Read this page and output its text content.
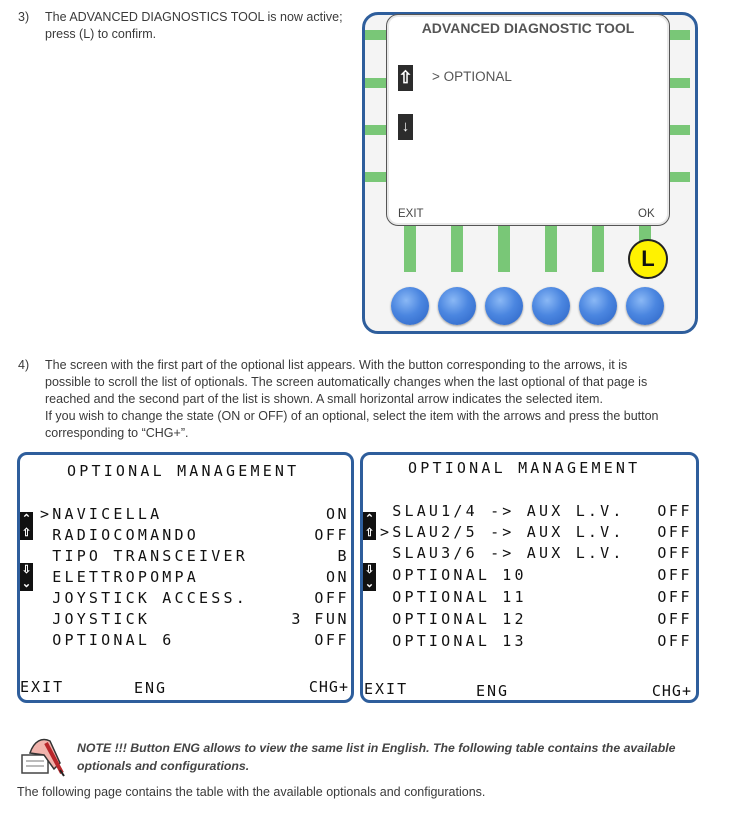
3) The ADVANCED DIAGNOSTICS TOOL is now active;
press (L) to confirm.	ADVANCED DIAGNOSTIC TOOL
⇧ > OPTIONAL
↓
EXIT	OK
L
4) The screen with the first part of the optional list appears. With the button corresponding to the arrows, it is
possible to scroll the list of optionals. The screen automatically changes when the last optional of that page is
reached and the second part of the list is shown. A small horizontal arrow indicates the selected item.
If you wish to change the state (ON or OFF) of an optional, select the item with the arrows and press the button
corresponding to “CHG+”.
OPTIONAL MANAGEMENT
⌃
⇧
⇩
⌄
>NAVICELLA	ON
RADIOCOMANDO	OFF
TIPO TRANSCEIVER	B
ELETTROPOMPA	ON
JOYSTICK ACCESS.	OFF
JOYSTICK	3 FUN
OPTIONAL 6	OFF
EXIT	ENG	CHG+
OPTIONAL MANAGEMENT
⌃
⇧
⇩
⌄
SLAU1/4 -> AUX L.V. OFF
>SLAU2/5 -> AUX L.V. OFF
SLAU3/6 -> AUX L.V. OFF
OPTIONAL 10	OFF
OPTIONAL 11	OFF
OPTIONAL 12	OFF
OPTIONAL 13	OFF
EXIT	ENG	CHG+
NOTE !!! Button ENG allows to view the same list in English. The following table contains the available
optionals and configurations.
The following page contains the table with the available optionals and configurations.
